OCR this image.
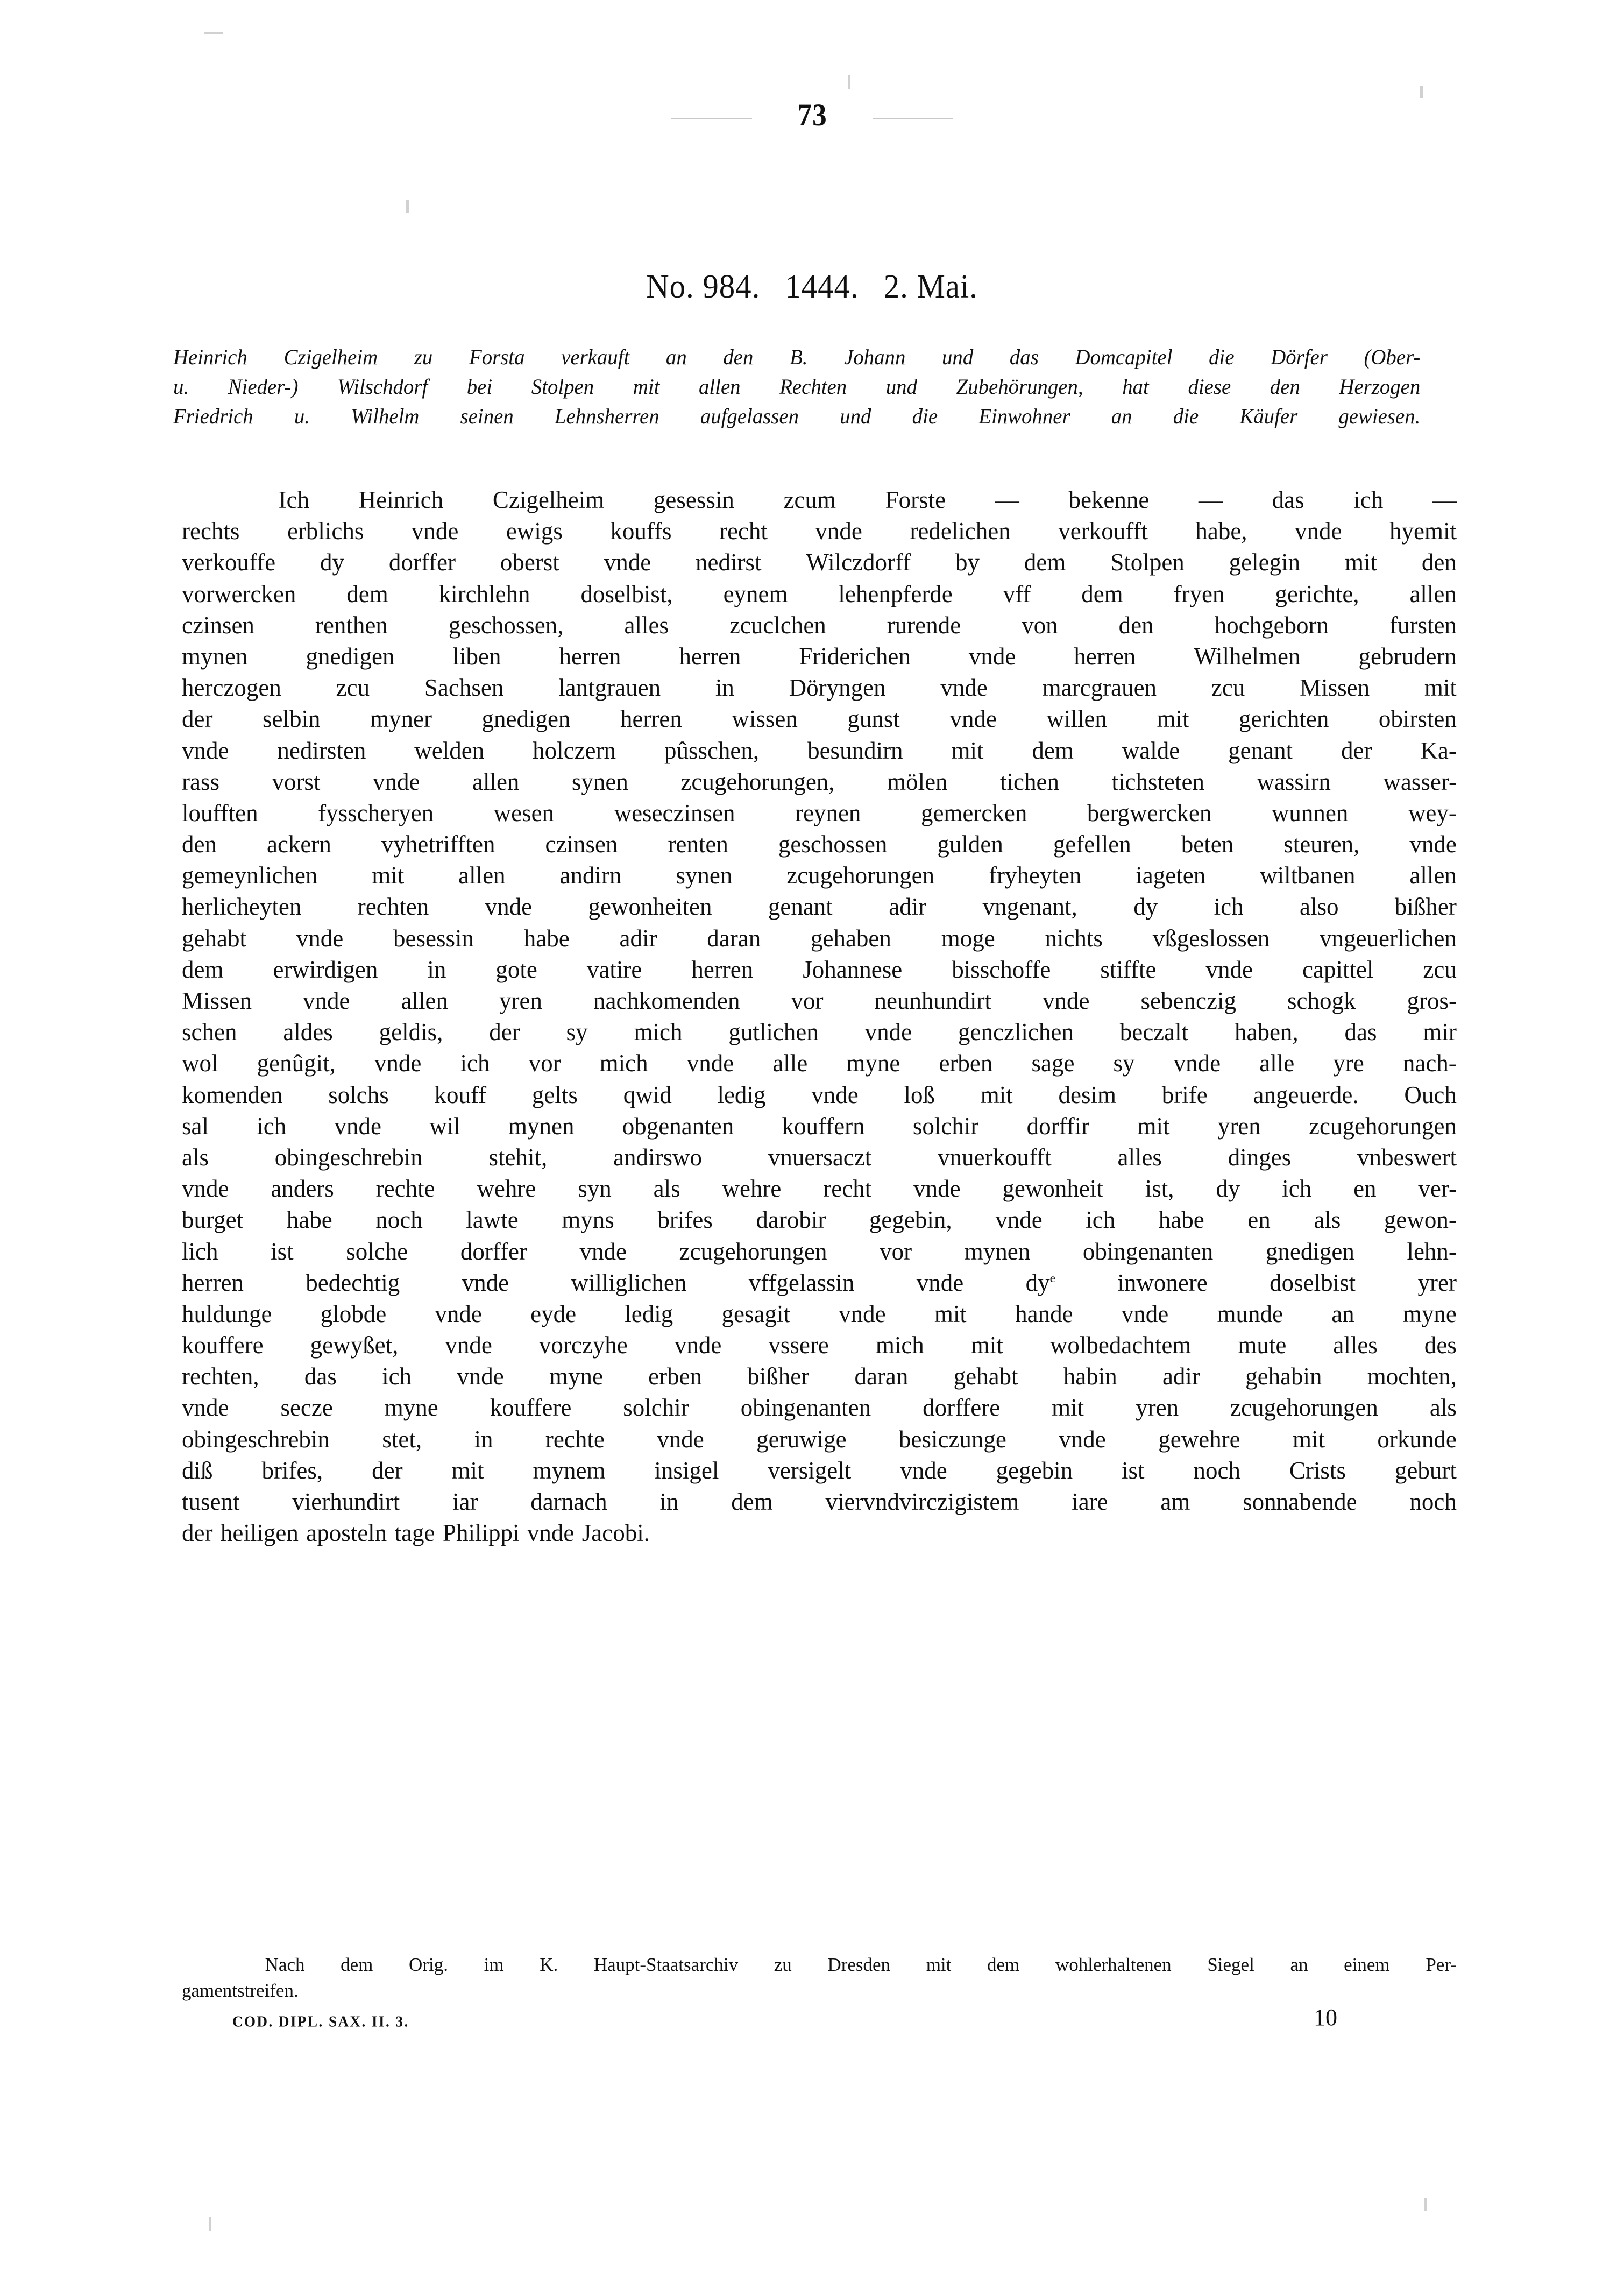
73
No. 984. 1444. 2. Mai.

Heinrich Czigelheim zu Forsta verkauft an den B. Johann und das Domcapitel die Dörfer (Ober-
u. Nieder-) Wilschdorf bei Stolpen mit allen Rechten und Zubehörungen, hat diese den Herzogen
Friedrich u. Wilhelm seinen Lehnsherren aufgelassen und die Einwohner an die Käufer gewiesen.

Ich Heinrich Czigelheim gesessin zcum Forste — bekenne — das ich —
rechts erblichs vnde ewigs kouffs recht vnde redelichen verkoufft habe, vnde hyemit
verkouffe dy dorffer oberst vnde nedirst Wilczdorff by dem Stolpen gelegin mit den
vorwercken dem kirchlehn doselbist, eynem lehenpferde vff dem fryen gerichte, allen
czinsen	renthen	geschossen,	alles	zcuclchen	rurende	von	den	hochgeborn	fursten
mynen gnedigen liben herren herren Friderichen vnde herren Wilhelmen gebrudern
herczogen zcu Sachsen lantgrauen in Döryngen vnde marcgrauen zcu Missen mit
der selbin myner gnedigen herren wissen gunst vnde willen mit gerichten obirsten
vnde nedirsten welden holczern pûsschen, besundirn mit dem walde genant der Ka-
rass vorst vnde allen synen zcugehorungen, mölen tichen tichsteten wassirn wasser-
loufften fysscheryen wesen weseczinsen reynen gemercken bergwercken wunnen wey-
den ackern vyhetrifften czinsen renten geschossen gulden gefellen beten steuren, vnde
gemeynlichen mit allen andirn synen zcugehorungen fryheyten iageten wiltbanen allen
herlicheyten rechten vnde gewonheiten genant adir vngenant, dy ich also bißher
gehabt vnde besessin habe adir daran gehaben moge nichts vßgeslossen vngeuerlichen
dem erwirdigen in gote vatire herren Johannese bisschoffe stiffte vnde capittel zcu
Missen vnde allen yren nachkomenden vor neunhundirt vnde sebenczig schogk gros-
schen aldes geldis, der sy mich gutlichen vnde genczlichen beczalt haben, das mir
wol genûgit, vnde ich vor mich vnde alle myne erben sage sy vnde alle yre nach-
komenden solchs kouff gelts qwid ledig vnde loß mit desim brife angeuerde. Ouch
sal ich vnde wil mynen obgenanten kouffern solchir dorffir mit yren zcugehorungen
als	obingeschrebin	stehit,	andirswo	vnuersaczt	vnuerkoufft	alles	dinges	vnbeswert
vnde anders rechte wehre syn als wehre recht vnde gewonheit ist, dy ich en ver-
burget habe noch lawte myns brifes darobir gegebin, vnde ich habe en als gewon-
lich ist solche dorffer vnde zcugehorungen vor mynen obingenanten gnedigen lehn-
herren	bedechtig	vnde	williglichen	vffgelassin	vnde	$dy^e$	inwonere	doselbist	yrer
huldunge globde vnde eyde ledig gesagit vnde mit hande vnde munde an myne
kouffere gewyßet, vnde vorczyhe vnde vssere mich mit wolbedachtem mute alles des
rechten, das ich vnde myne erben bißher daran gehabt habin adir gehabin mochten,
vnde secze myne kouffere solchir obingenanten dorffere mit yren zcugehorungen als
obingeschrebin stet, in rechte vnde geruwige besiczunge vnde gewehre mit orkunde
diß brifes, der mit mynem insigel versigelt vnde gegebin ist noch Crists geburt
tusent vierhundirt iar darnach in dem viervndvirczigistem iare am sonnabende noch
der heiligen aposteln tage Philippi vnde Jacobi.
Nach dem Orig. im K. Haupt-Staatsarchiv zu Dresden mit dem wohlerhaltenen Siegel an einem Per-
gamentstreifen.
COD. DIPL. SAX. II. 3.	10
